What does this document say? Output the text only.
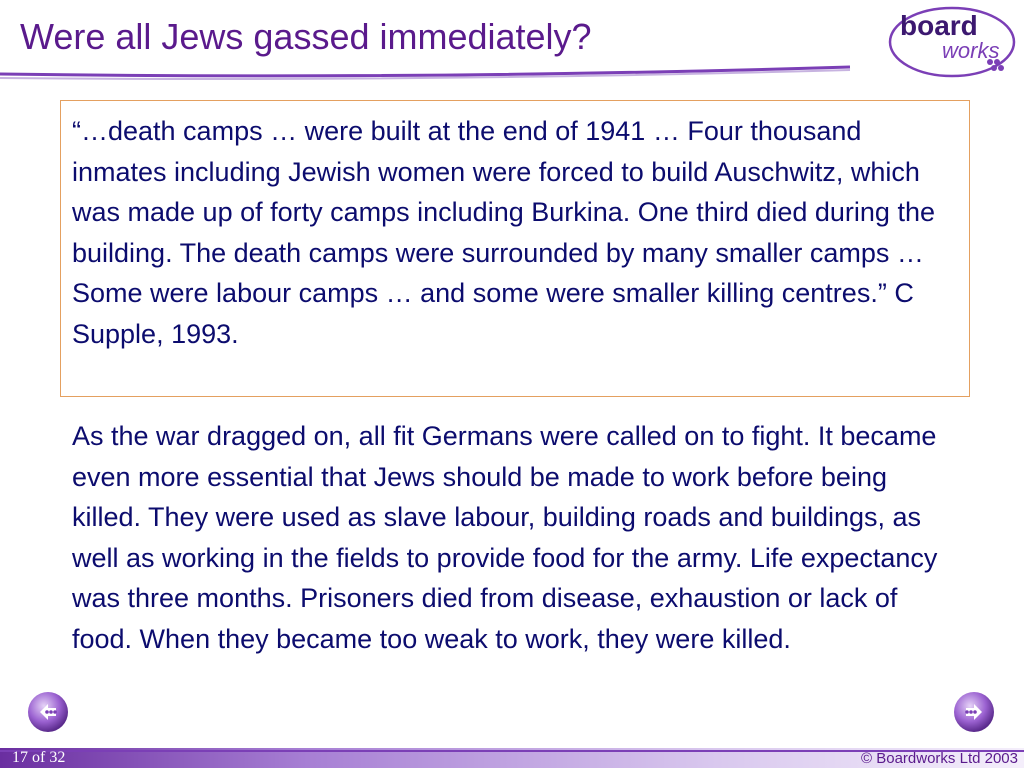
Were all Jews gassed immediately?	board
works

“…death camps … were built at the end of 1941 … Four thousand inmates including Jewish women were forced to build Auschwitz, which was made up of forty camps including Burkina. One third died during the building. The death camps were surrounded by many smaller camps … Some were labour camps … and some were smaller killing centres.” C Supple, 1993.

As the war dragged on, all fit Germans were called on to fight. It became even more essential that Jews should be made to work before being killed. They were used as slave labour, building roads and buildings, as well as working in the fields to provide food for the army. Life expectancy was three months. Prisoners died from disease, exhaustion or lack of food. When they became too weak to work, they were killed.

17 of 32	© Boardworks Ltd 2003
